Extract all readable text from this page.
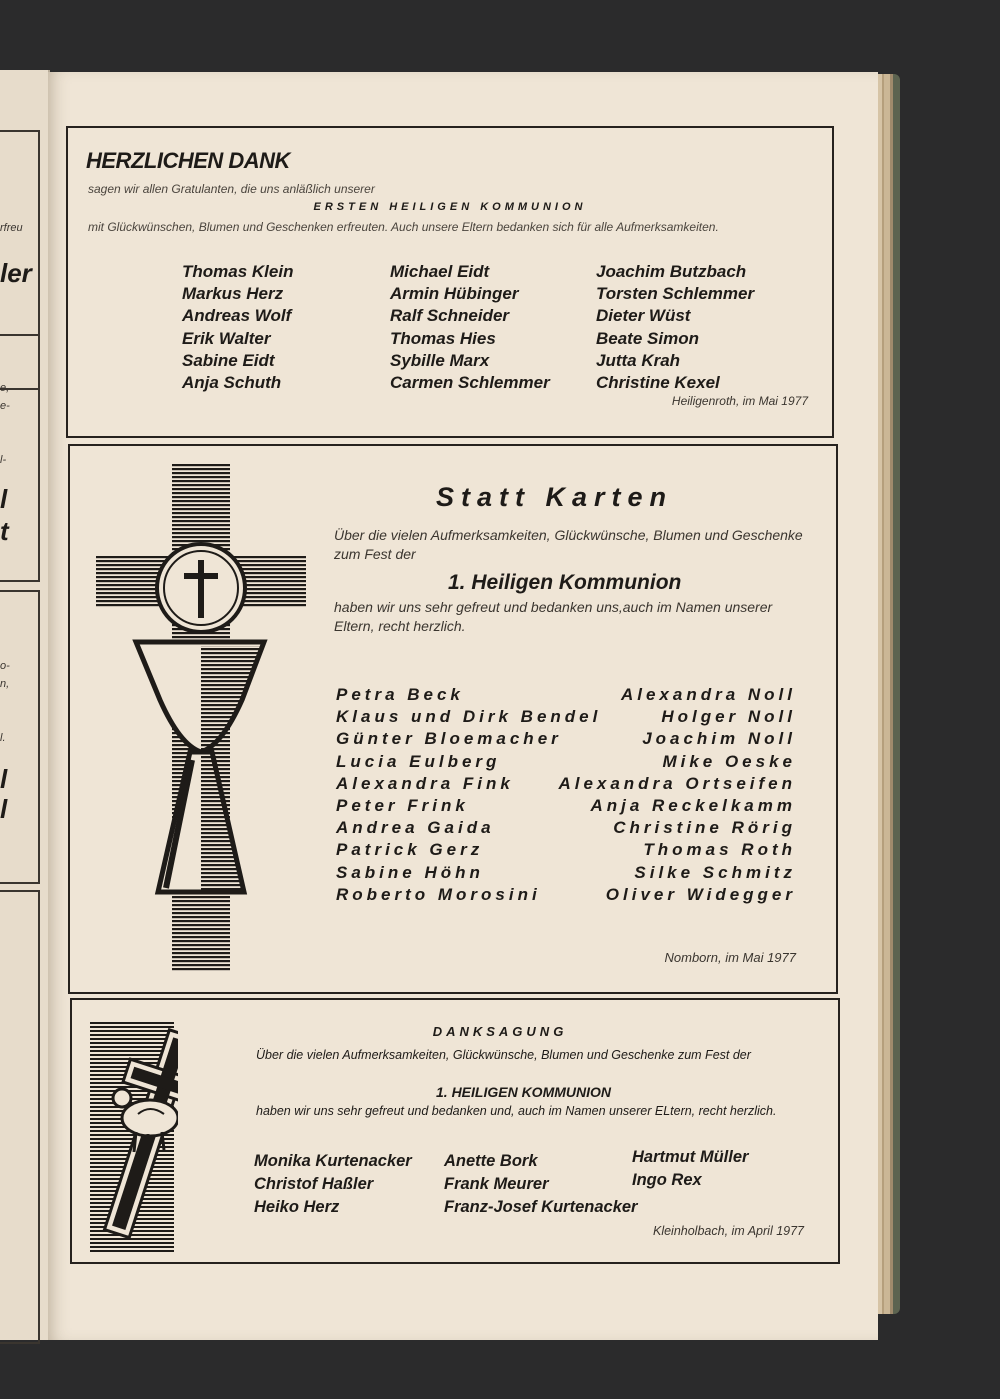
rfreu
ler
e,
e-
l-
l
t
o-
n,
l.
l
l
HERZLICHEN DANK
sagen wir allen Gratulanten, die uns anläßlich unserer
ERSTEN HEILIGEN KOMMUNION
mit Glückwünschen, Blumen und Geschenken erfreuten. Auch unsere Eltern bedanken sich für alle Aufmerksamkeiten.
Thomas Klein
Markus Herz
Andreas Wolf
Erik Walter
Sabine Eidt
Anja Schuth
Michael Eidt
Armin Hübinger
Ralf Schneider
Thomas Hies
Sybille Marx
Carmen Schlemmer
Joachim Butzbach
Torsten Schlemmer
Dieter Wüst
Beate Simon
Jutta Krah
Christine Kexel
Heiligenroth, im Mai 1977
Statt Karten
Über die vielen Aufmerksamkeiten, Glückwünsche, Blumen und Geschenke zum Fest der
1. Heiligen Kommunion
haben wir uns sehr gefreut und bedanken uns,auch im Namen unserer Eltern, recht herzlich.
Petra Beck
Klaus und Dirk Bendel
Günter Bloemacher
Lucia Eulberg
Alexandra Fink
Peter Frink
Andrea Gaida
Patrick Gerz
Sabine Höhn
Roberto Morosini
Alexandra Noll
Holger Noll
Joachim Noll
Mike Oeske
Alexandra Ortseifen
Anja Reckelkamm
Christine Rörig
Thomas Roth
Silke Schmitz
Oliver Widegger
Nomborn, im Mai 1977
DANKSAGUNG
Über die vielen Aufmerksamkeiten, Glückwünsche, Blumen und Geschenke zum Fest der
1. HEILIGEN KOMMUNION
haben wir uns sehr gefreut und bedanken und, auch im Namen unserer ELtern, recht herzlich.
Monika Kurtenacker
Christof Haßler
Heiko Herz
Anette Bork
Frank Meurer
Franz-Josef Kurtenacker
Hartmut Müller
Ingo Rex
Kleinholbach, im April 1977
